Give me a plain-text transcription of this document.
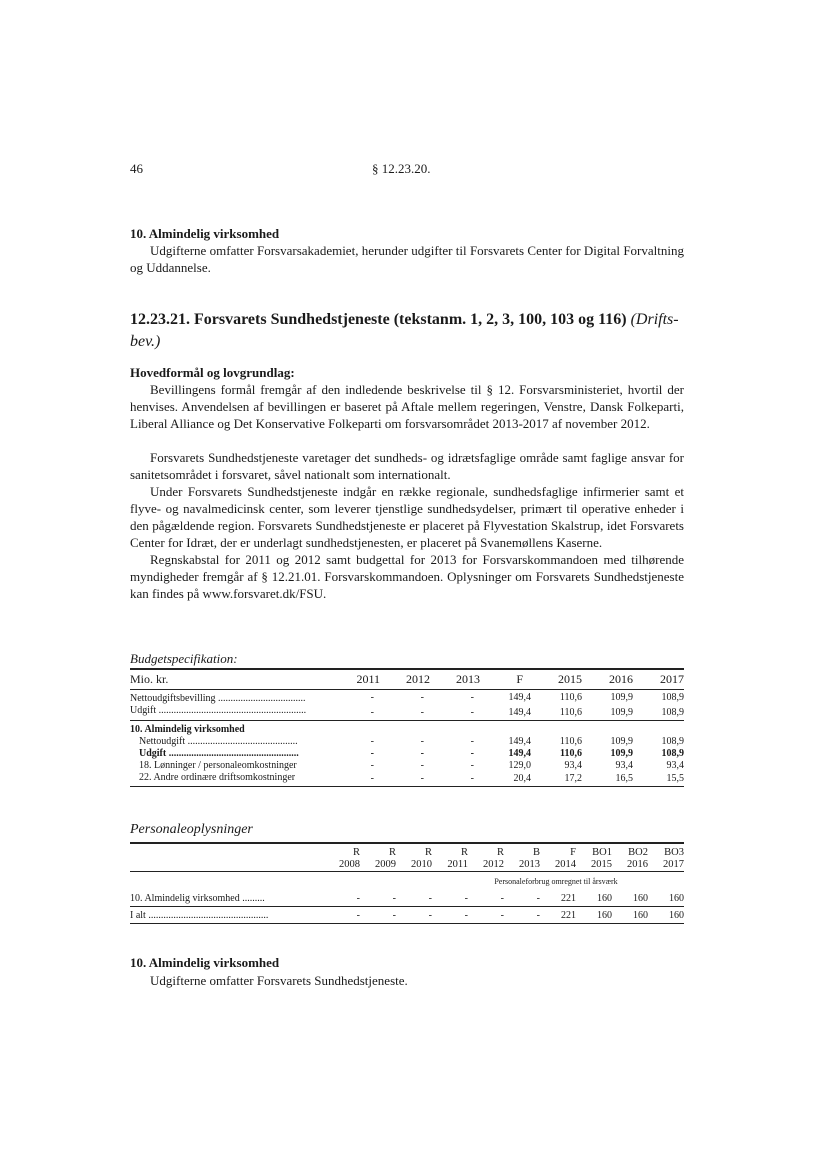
46	§ 12.23.20.
10. Almindelig virksomhed

Udgifterne omfatter Forsvarsakademiet, herunder udgifter til Forsvarets Center for Digital Forvaltning og Uddannelse.

12.23.21. Forsvarets Sundhedstjeneste (tekstanm. 1, 2, 3, 100, 103 og 116) (Drifts-bev.)
Hovedformål og lovgrundlag:

Bevillingens formål fremgår af den indledende beskrivelse til § 12. Forsvarsministeriet, hvortil der henvises. Anvendelsen af bevillingen er baseret på Aftale mellem regeringen, Venstre, Dansk Folkeparti, Liberal Alliance og Det Konservative Folkeparti om forsvarsområdet 2013-2017 af november 2012.

Forsvarets Sundhedstjeneste varetager det sundheds- og idrætsfaglige område samt faglige ansvar for sanitetsområdet i forsvaret, såvel nationalt som internationalt.

Under Forsvarets Sundhedstjeneste indgår en række regionale, sundhedsfaglige infirmerier samt et flyve- og navalmedicinsk center, som leverer tjenstlige sundhedsydelser, primært til operative enheder i den pågældende region. Forsvarets Sundhedstjeneste er placeret på Flyvestation Skalstrup, idet Forsvarets Center for Idræt, der er underlagt sundhedstjenesten, er placeret på Svanemøllens Kaserne.

Regnskabstal for 2011 og 2012 samt budgettal for 2013 for Forsvarskommandoen med tilhørende myndigheder fremgår af § 12.21.01. Forsvarskommandoen. Oplysninger om Forsvarets Sundhedstjeneste kan findes på www.forsvaret.dk/FSU.

Budgetspecifikation:
Mio. kr.	2011	2012	2013	F	2015	2016	2017
Nettoudgiftsbevilling ...................................	-	-	-	149,4	110,6	109,9	108,9
Udgift ...........................................................	-	-	-	149,4	110,6	109,9	108,9
10. Almindelig virksomhed							
Nettoudgift ............................................	-	-	-	149,4	110,6	109,9	108,9
Udgift ....................................................	-	-	-	149,4	110,6	109,9	108,9
18. Lønninger / personaleomkostninger	-	-	-	129,0	93,4	93,4	93,4
22. Andre ordinære driftsomkostninger	-	-	-	20,4	17,2	16,5	15,5
Personaleoplysninger
	R	R	R	R	R	B	F	BO1	BO2	BO3
	2008	2009	2010	2011	2012	2013	2014	2015	2016	2017
					Personaleforbrug omregnet til årsværk					
10. Almindelig virksomhed .........	-	-	-	-	-	-	221	160	160	160
I alt ................................................	-	-	-	-	-	-	221	160	160	160
10. Almindelig virksomhed

Udgifterne omfatter Forsvarets Sundhedstjeneste.
